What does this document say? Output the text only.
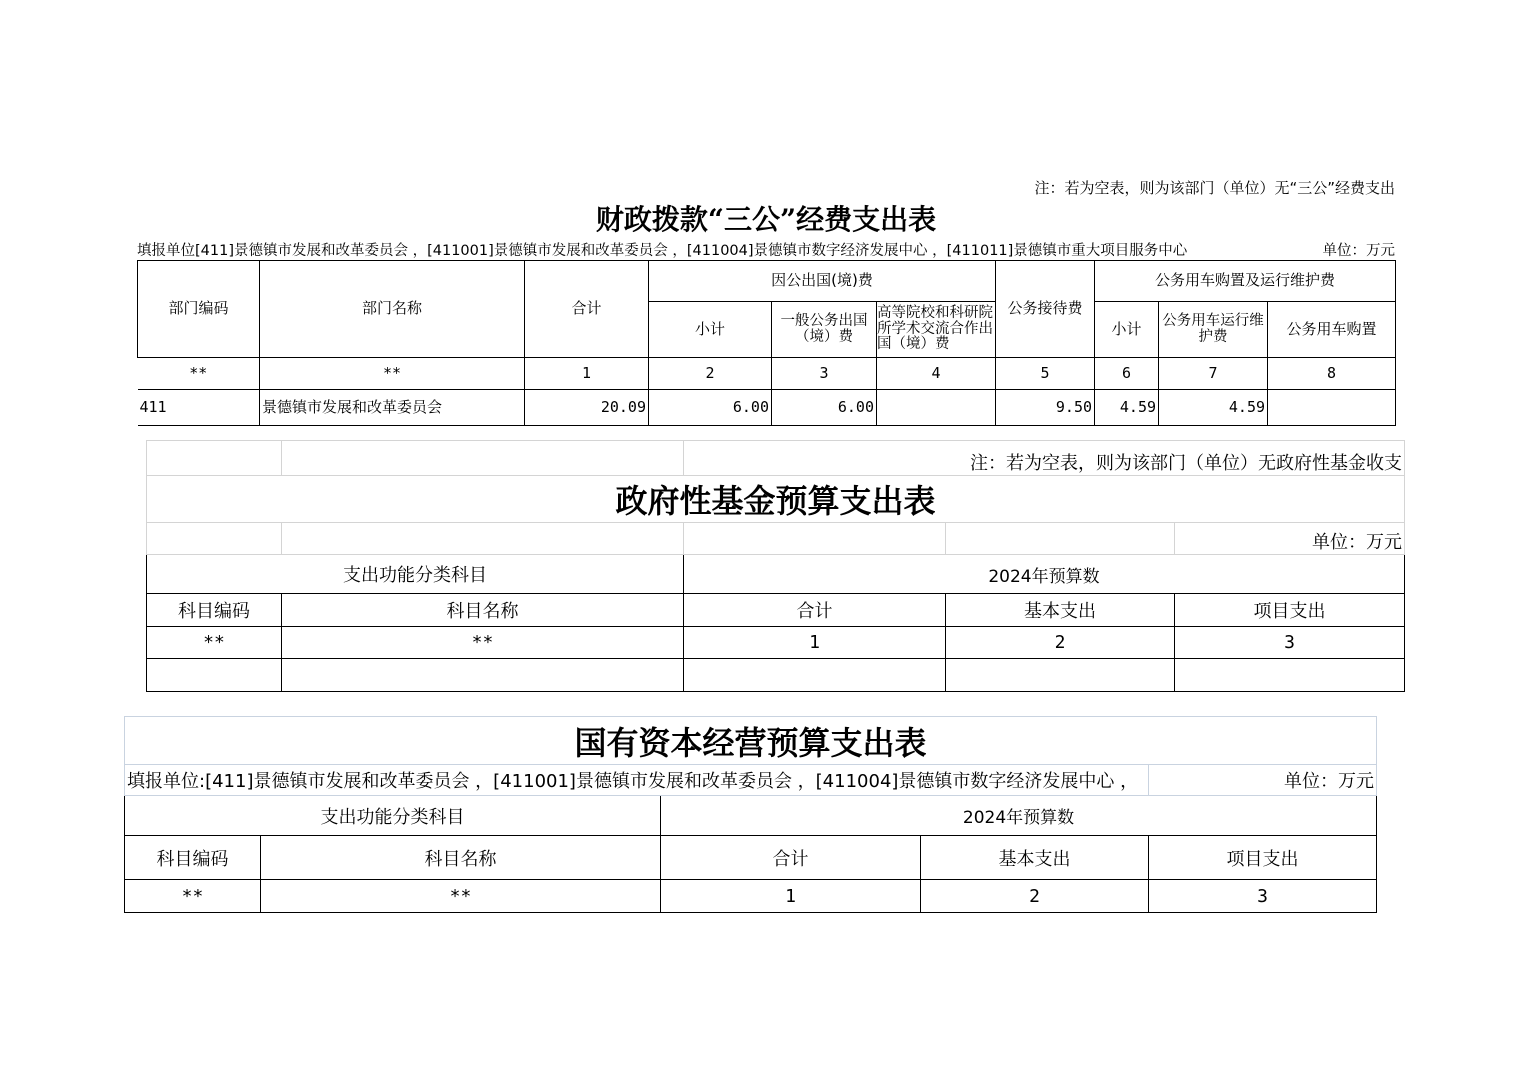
注：若为空表，则为该部门（单位）无“三公”经费支出
财政拨款“三公”经费支出表
填报单位[411]景德镇市发展和改革委员会 ，[411001]景德镇市发展和改革委员会 ，[411004]景德镇市数字经济发展中心 ，[411011]景德镇市重大项目服务中心	单位：万元
部门编码	部门名称	合计	因公出国(境)费			公务接待费	公务用车购置及运行维护费		
			小计	一般公务出国（境）费	高等院校和科研院所学术交流合作出国（境）费		小计	公务用车运行维护费	公务用车购置
**	**	1	2	3	4	5	6	7	8
411	景德镇市发展和改革委员会	20.09	6.00	6.00		9.50	4.59	4.59	
		注：若为空表，则为该部门（单位）无政府性基金收支		
政府性基金预算支出表				
				单位：万元
支出功能分类科目		2024年预算数		
科目编码	科目名称	合计	基本支出	项目支出
**	**	1	2	3

国有资本经营预算支出表				
填报单位:[411]景德镇市发展和改革委员会 ，[411001]景德镇市发展和改革委员会 ，[411004]景德镇市数字经济发展中心 ，				单位：万元
支出功能分类科目		2024年预算数		
科目编码	科目名称	合计	基本支出	项目支出
**	**	1	2	3
